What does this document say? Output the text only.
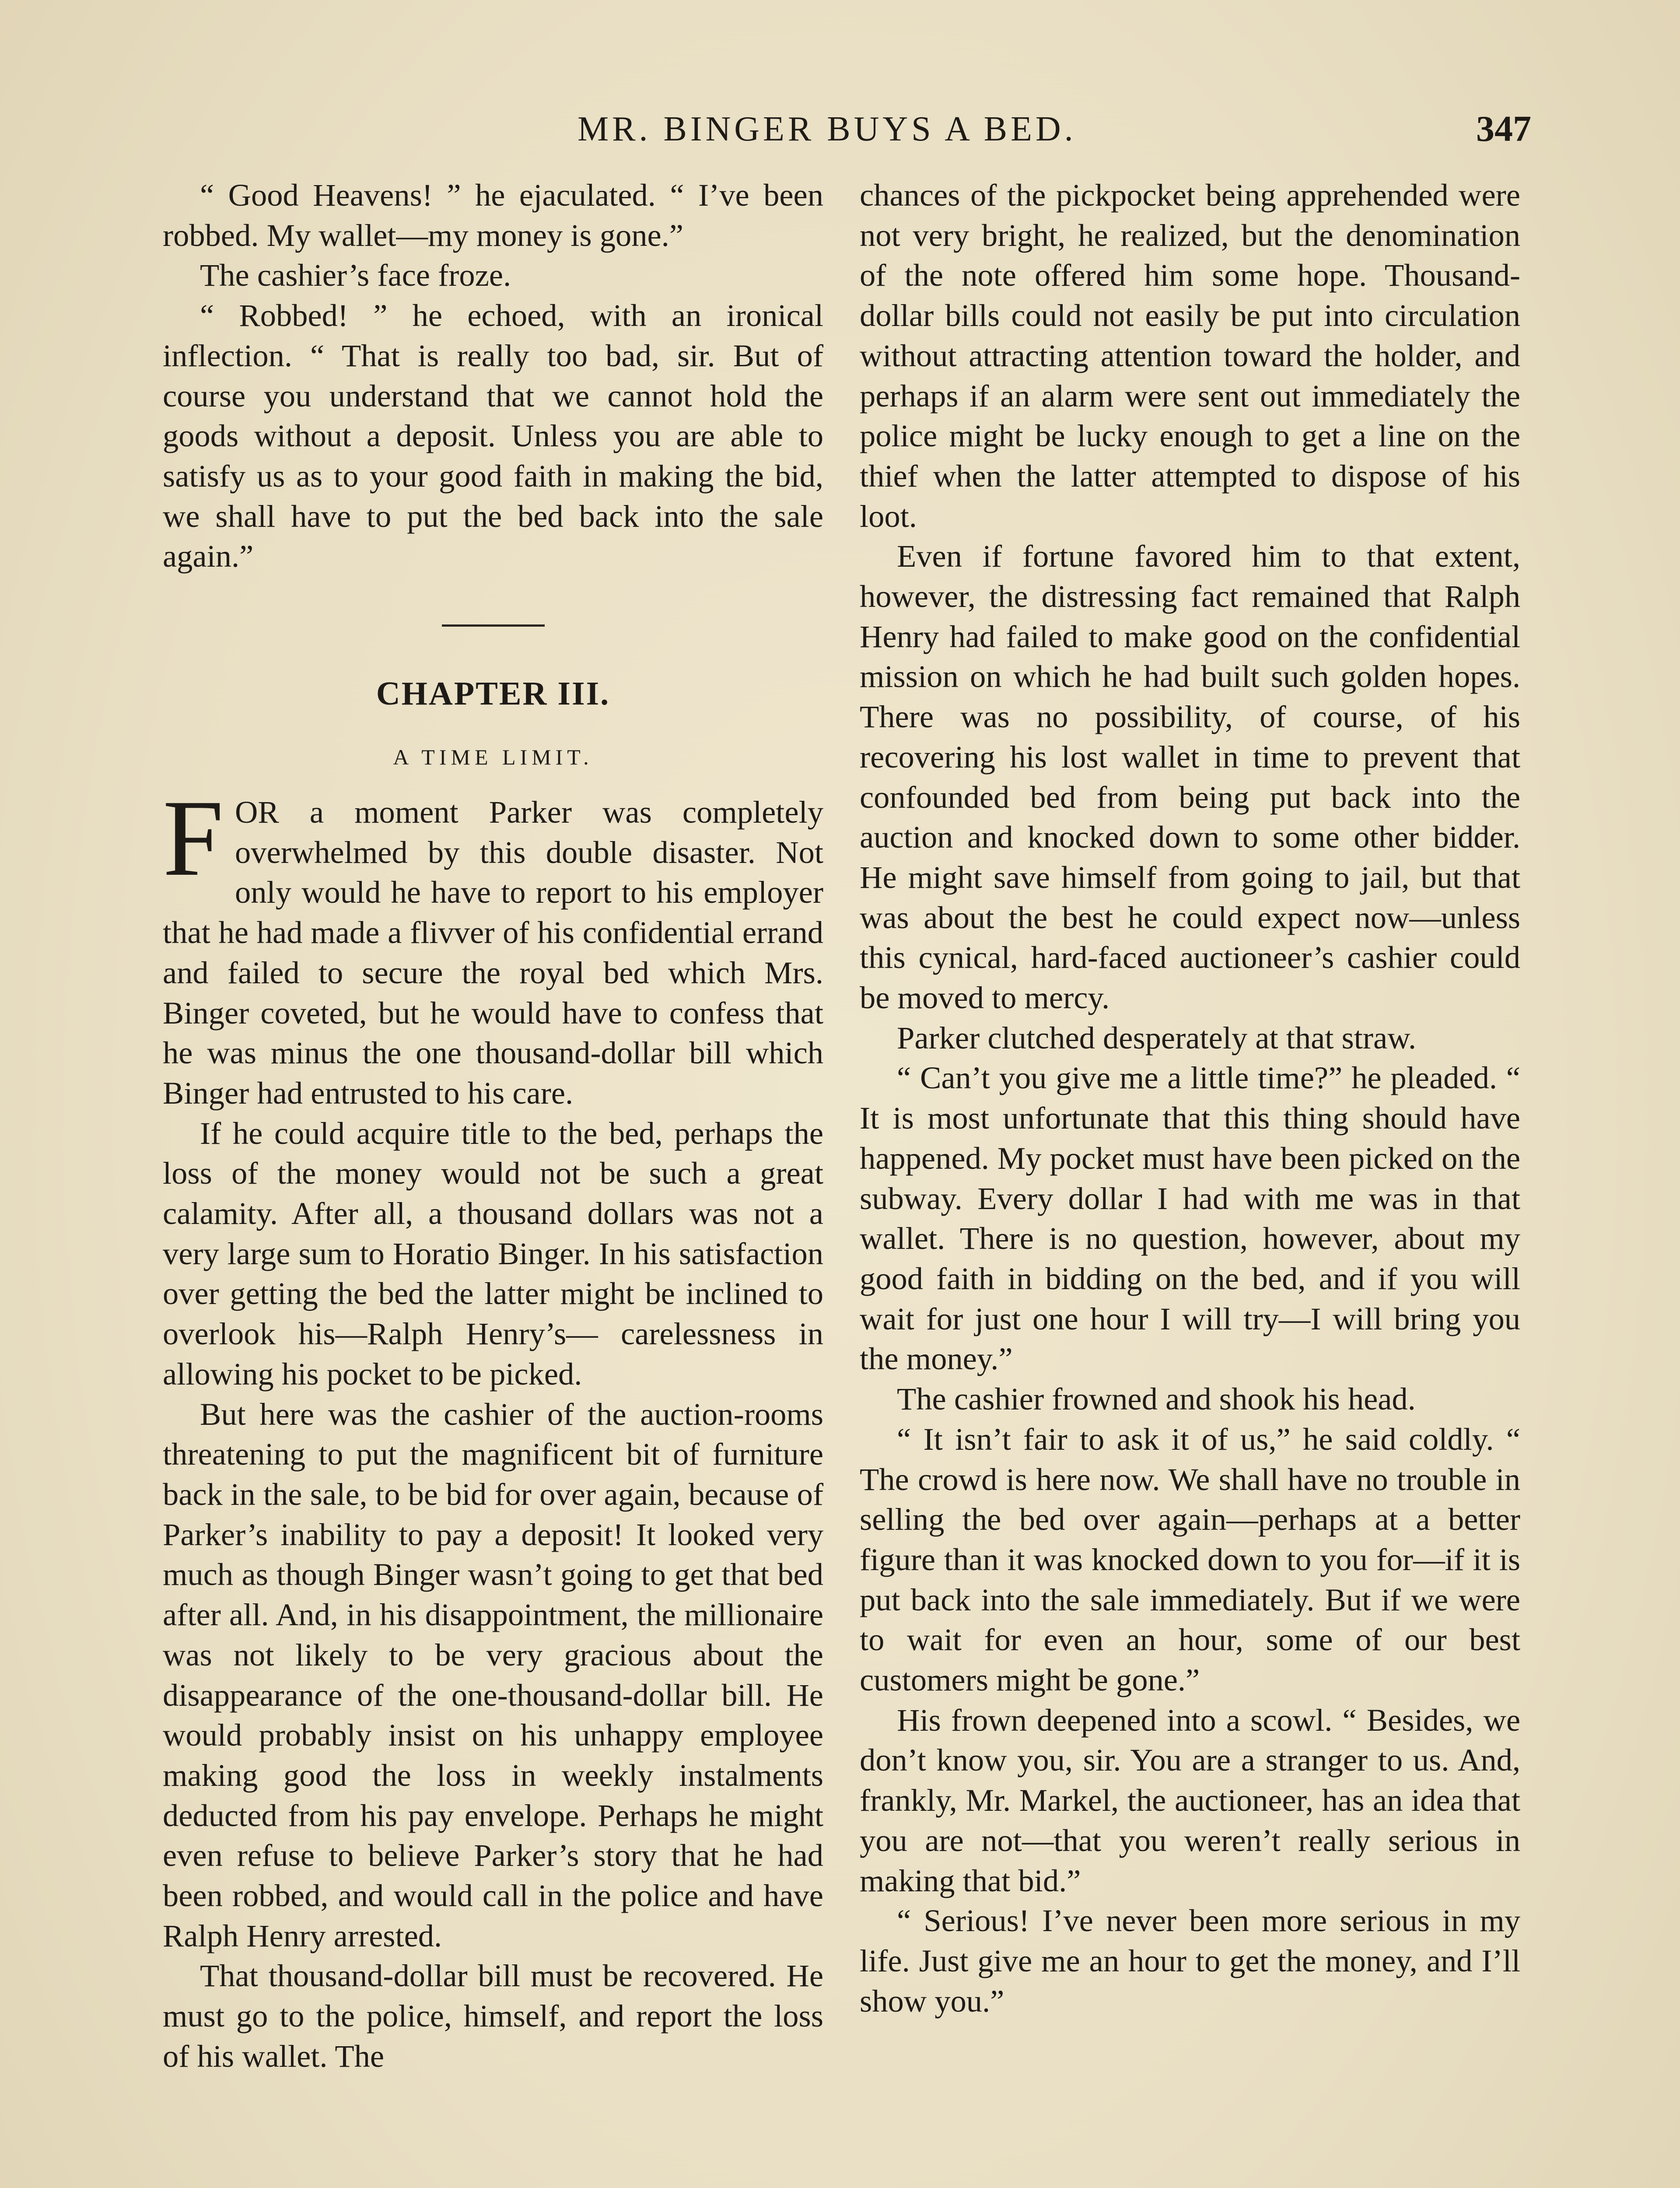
MR. BINGER BUYS A BED.	347

“ Good Heavens! ” he ejaculated. “ I’ve been robbed. My wallet—my money is gone.”

The cashier’s face froze.

“ Robbed! ” he echoed, with an ironical inflection. “ That is really too bad, sir. But of course you understand that we cannot hold the goods without a deposit. Unless you are able to satisfy us as to your good faith in making the bid, we shall have to put the bed back into the sale again.”

CHAPTER III.
A TIME LIMIT.

FOR a moment Parker was completely overwhelmed by this double disaster. Not only would he have to report to his employer that he had made a flivver of his confidential errand and failed to secure the royal bed which Mrs. Binger coveted, but he would have to confess that he was minus the one thousand-dollar bill which Binger had entrusted to his care.

If he could acquire title to the bed, perhaps the loss of the money would not be such a great calamity. After all, a thousand dollars was not a very large sum to Horatio Binger. In his satisfaction over getting the bed the latter might be inclined to overlook his—Ralph Henry’s— carelessness in allowing his pocket to be picked.

But here was the cashier of the auction-rooms threatening to put the magnificent bit of furniture back in the sale, to be bid for over again, because of Parker’s inability to pay a deposit! It looked very much as though Binger wasn’t going to get that bed after all. And, in his disappointment, the millionaire was not likely to be very gracious about the disappearance of the one-thousand-dollar bill. He would probably insist on his unhappy employee making good the loss in weekly instalments deducted from his pay envelope. Perhaps he might even refuse to believe Parker’s story that he had been robbed, and would call in the police and have Ralph Henry arrested.

That thousand-dollar bill must be recovered. He must go to the police, himself, and report the loss of his wallet. The

chances of the pickpocket being apprehended were not very bright, he realized, but the denomination of the note offered him some hope. Thousand-dollar bills could not easily be put into circulation without attracting attention toward the holder, and perhaps if an alarm were sent out immediately the police might be lucky enough to get a line on the thief when the latter attempted to dispose of his loot.

Even if fortune favored him to that extent, however, the distressing fact remained that Ralph Henry had failed to make good on the confidential mission on which he had built such golden hopes. There was no possibility, of course, of his recovering his lost wallet in time to prevent that confounded bed from being put back into the auction and knocked down to some other bidder. He might save himself from going to jail, but that was about the best he could expect now—unless this cynical, hard-faced auctioneer’s cashier could be moved to mercy.

Parker clutched desperately at that straw.

“ Can’t you give me a little time?” he pleaded. “ It is most unfortunate that this thing should have happened. My pocket must have been picked on the subway. Every dollar I had with me was in that wallet. There is no question, however, about my good faith in bidding on the bed, and if you will wait for just one hour I will try—I will bring you the money.”

The cashier frowned and shook his head.

“ It isn’t fair to ask it of us,” he said coldly. “ The crowd is here now. We shall have no trouble in selling the bed over again—perhaps at a better figure than it was knocked down to you for—if it is put back into the sale immediately. But if we were to wait for even an hour, some of our best customers might be gone.”

His frown deepened into a scowl. “ Besides, we don’t know you, sir. You are a stranger to us. And, frankly, Mr. Markel, the auctioneer, has an idea that you are not—that you weren’t really serious in making that bid.”

“ Serious! I’ve never been more serious in my life. Just give me an hour to get the money, and I’ll show you.”
